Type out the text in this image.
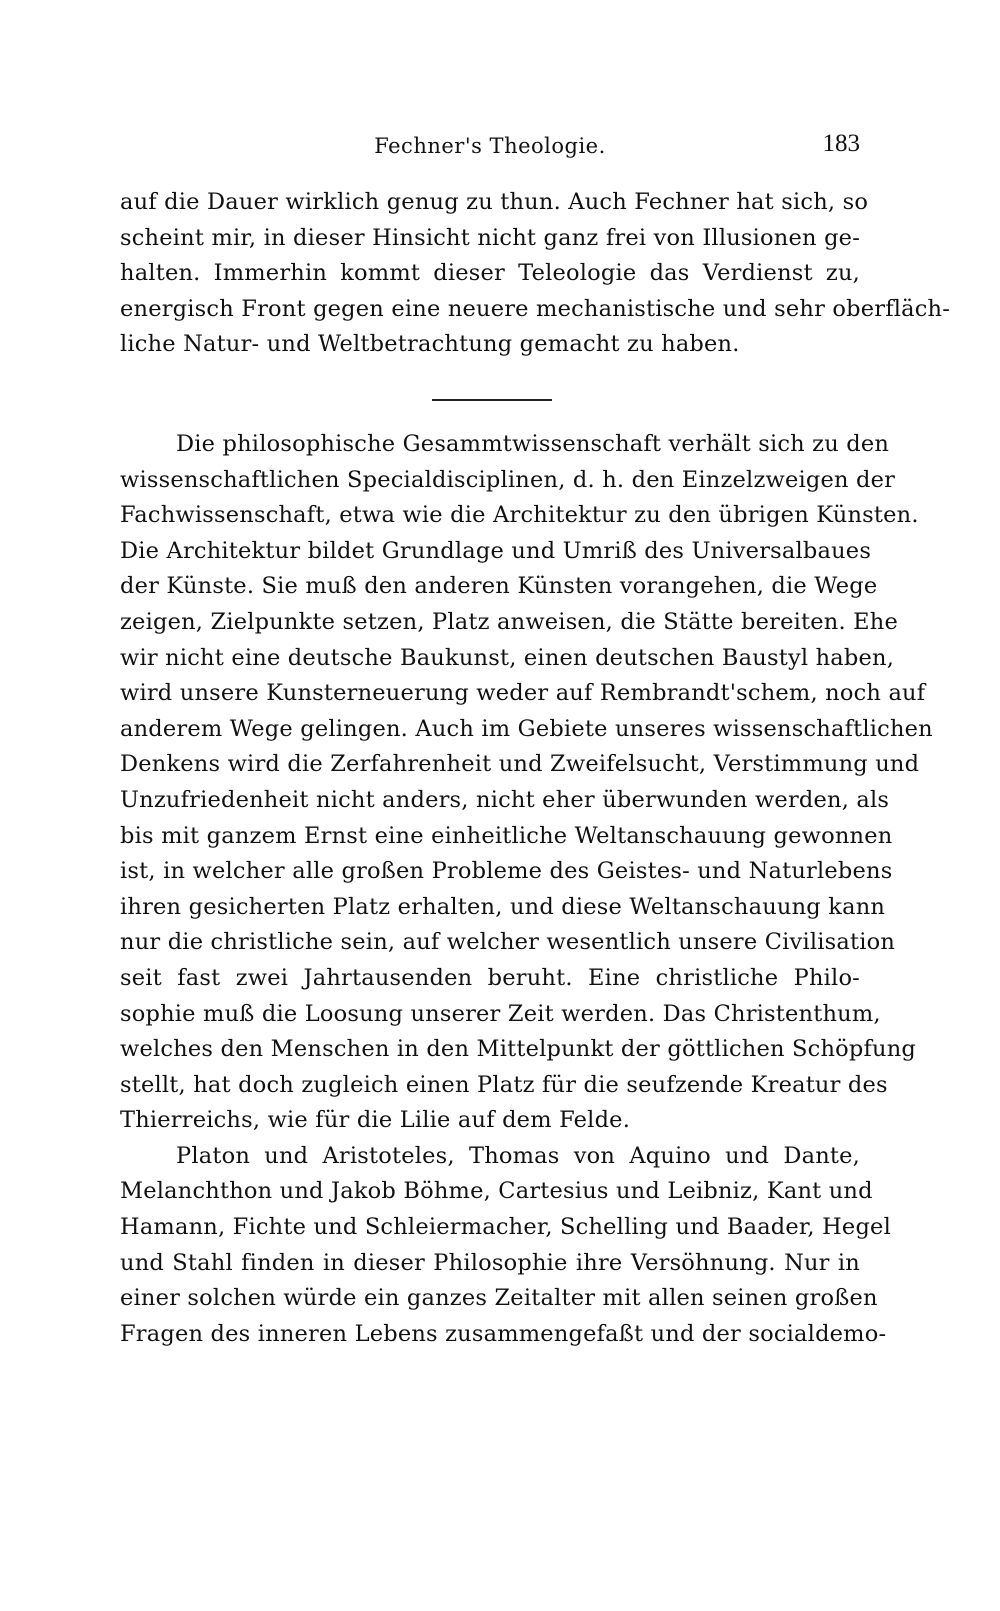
Fechner's Theologie.	183
auf die Dauer wirklich genug zu thun. Auch Fechner hat sich, so
scheint mir, in dieser Hinsicht nicht ganz frei von Illusionen ge-
halten. Immerhin kommt dieser Teleologie das Verdienst zu,
energisch Front gegen eine neuere mechanistische und sehr oberfläch-
liche Natur- und Weltbetrachtung gemacht zu haben.
Die philosophische Gesammtwissenschaft verhält sich zu den
wissenschaftlichen Specialdisciplinen, d. h. den Einzelzweigen der
Fachwissenschaft, etwa wie die Architektur zu den übrigen Künsten.
Die Architektur bildet Grundlage und Umriß des Universalbaues
der Künste. Sie muß den anderen Künsten vorangehen, die Wege
zeigen, Zielpunkte setzen, Platz anweisen, die Stätte bereiten. Ehe
wir nicht eine deutsche Baukunst, einen deutschen Baustyl haben,
wird unsere Kunsterneuerung weder auf Rembrandt'schem, noch auf
anderem Wege gelingen. Auch im Gebiete unseres wissenschaftlichen
Denkens wird die Zerfahrenheit und Zweifelsucht, Verstimmung und
Unzufriedenheit nicht anders, nicht eher überwunden werden, als
bis mit ganzem Ernst eine einheitliche Weltanschauung gewonnen
ist, in welcher alle großen Probleme des Geistes- und Naturlebens
ihren gesicherten Platz erhalten, und diese Weltanschauung kann
nur die christliche sein, auf welcher wesentlich unsere Civilisation
seit fast zwei Jahrtausenden beruht. Eine christliche Philo-
sophie muß die Loosung unserer Zeit werden. Das Christenthum,
welches den Menschen in den Mittelpunkt der göttlichen Schöpfung
stellt, hat doch zugleich einen Platz für die seufzende Kreatur des
Thierreichs, wie für die Lilie auf dem Felde.
Platon und Aristoteles, Thomas von Aquino und Dante,
Melanchthon und Jakob Böhme, Cartesius und Leibniz, Kant und
Hamann, Fichte und Schleiermacher, Schelling und Baader, Hegel
und Stahl finden in dieser Philosophie ihre Versöhnung. Nur in
einer solchen würde ein ganzes Zeitalter mit allen seinen großen
Fragen des inneren Lebens zusammengefaßt und der socialdemo-
